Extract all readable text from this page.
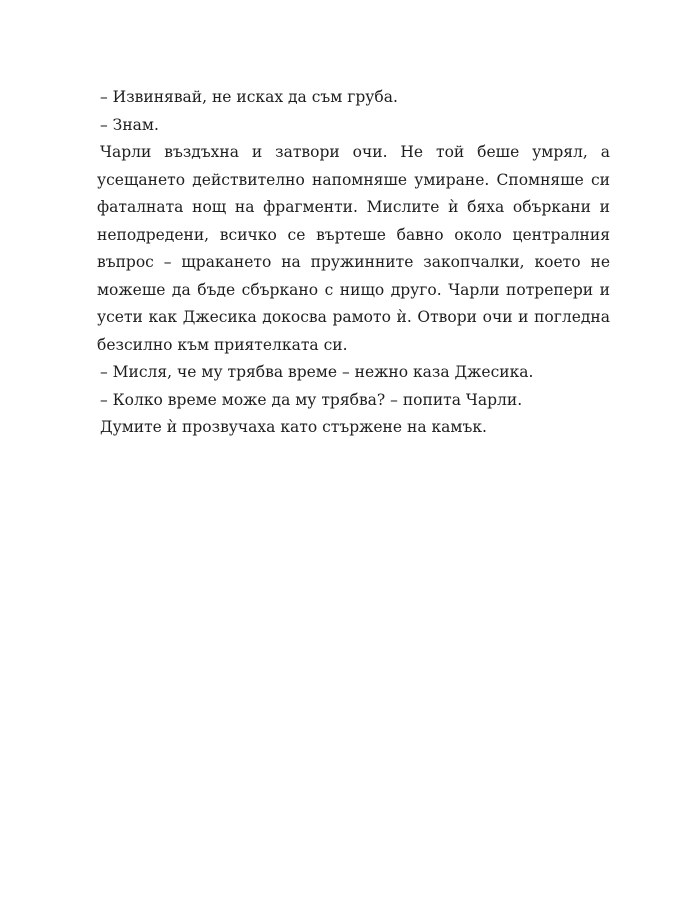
– Извинявай, не исках да съм груба.

– Знам.

Чарли въздъхна и затвори очи. Не той беше умрял, а усещането действително напомняше умиране. Спомняше си фаталната нощ на фрагменти. Мислите ѝ бяха объркани и неподредени, всичко се въртеше бавно около централния въпрос – щракането на пружинните закопчалки, което не можеше да бъде сбъркано с нищо друго. Чарли потрепери и усети как Джесика докосва рамото ѝ. Отвори очи и погледна безсилно към приятелката си.

– Мисля, че му трябва време – нежно каза Джесика.

– Колко време може да му трябва? – попита Чарли.

Думите ѝ прозвучаха като стържене на камък.
